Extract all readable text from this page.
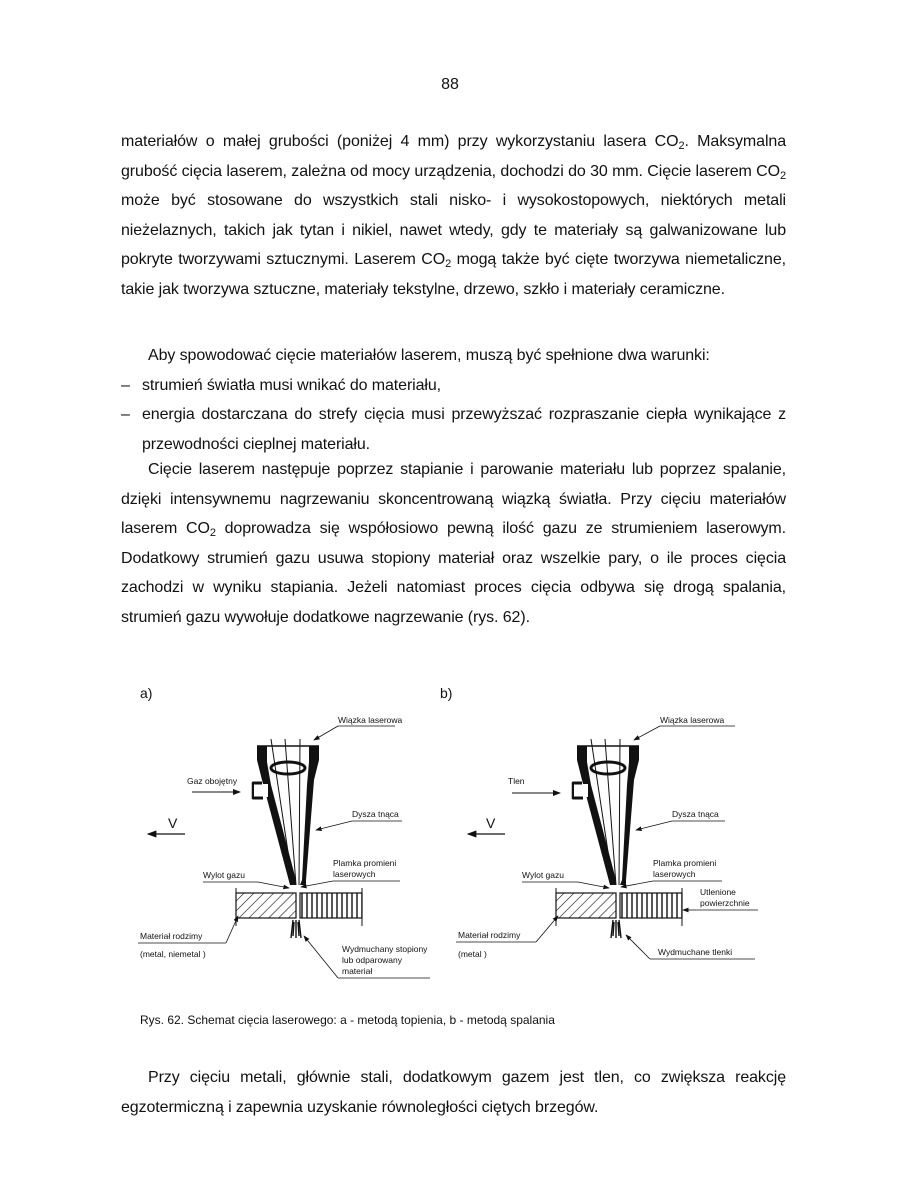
88

materiałów o małej grubości (poniżej 4 mm) przy wykorzystaniu lasera $CO_2$. Maksymalna grubość cięcia laserem, zależna od mocy urządzenia, dochodzi do 30 mm. Cięcie laserem $CO_2$ może być stosowane do wszystkich stali nisko- i wysokostopowych, niektórych metali nieżelaznych, takich jak tytan i nikiel, nawet wtedy, gdy te materiały są galwanizowane lub pokryte tworzywami sztucznymi. Laserem $CO_2$ mogą także być cięte tworzywa niemetaliczne, takie jak tworzywa sztuczne, materiały tekstylne, drzewo, szkło i materiały ceramiczne.

Aby spowodować cięcie materiałów laserem, muszą być spełnione dwa warunki:

– strumień światła musi wnikać do materiału,

– energia dostarczana do strefy cięcia musi przewyższać rozpraszanie ciepła wynikające z przewodności cieplnej materiału.

Cięcie laserem następuje poprzez stapianie i parowanie materiału lub poprzez spalanie, dzięki intensywnemu nagrzewaniu skoncentrowaną wiązką światła. Przy cięciu materiałów laserem $CO_2$ doprowadza się współosiowo pewną ilość gazu ze strumieniem laserowym. Dodatkowy strumień gazu usuwa stopiony materiał oraz wszelkie pary, o ile proces cięcia zachodzi w wyniku stapiania. Jeżeli natomiast proces cięcia odbywa się drogą spalania, strumień gazu wywołuje dodatkowe nagrzewanie (rys. 62).

a)
Wiązka laserowa
Gaz obojętny
V
Dysza tnąca
Plamka promieni
laserowych
Wylot gazu
Materiał rodzimy
(metal, niemetal )	Wydmuchany stopiony
lub odparowany
materiał
b)
Wiązka laserowa
Tlen
V
Dysza tnąca
Plamka promieni
laserowych
Wylot gazu
Utlenione
powierzchnie
Materiał rodzimy
(metal )	Wydmuchane tlenki
Rys. 62. Schemat cięcia laserowego: a - metodą topienia, b - metodą spalania

Przy cięciu metali, głównie stali, dodatkowym gazem jest tlen, co zwiększa reakcję egzotermiczną i zapewnia uzyskanie równoległości ciętych brzegów.
